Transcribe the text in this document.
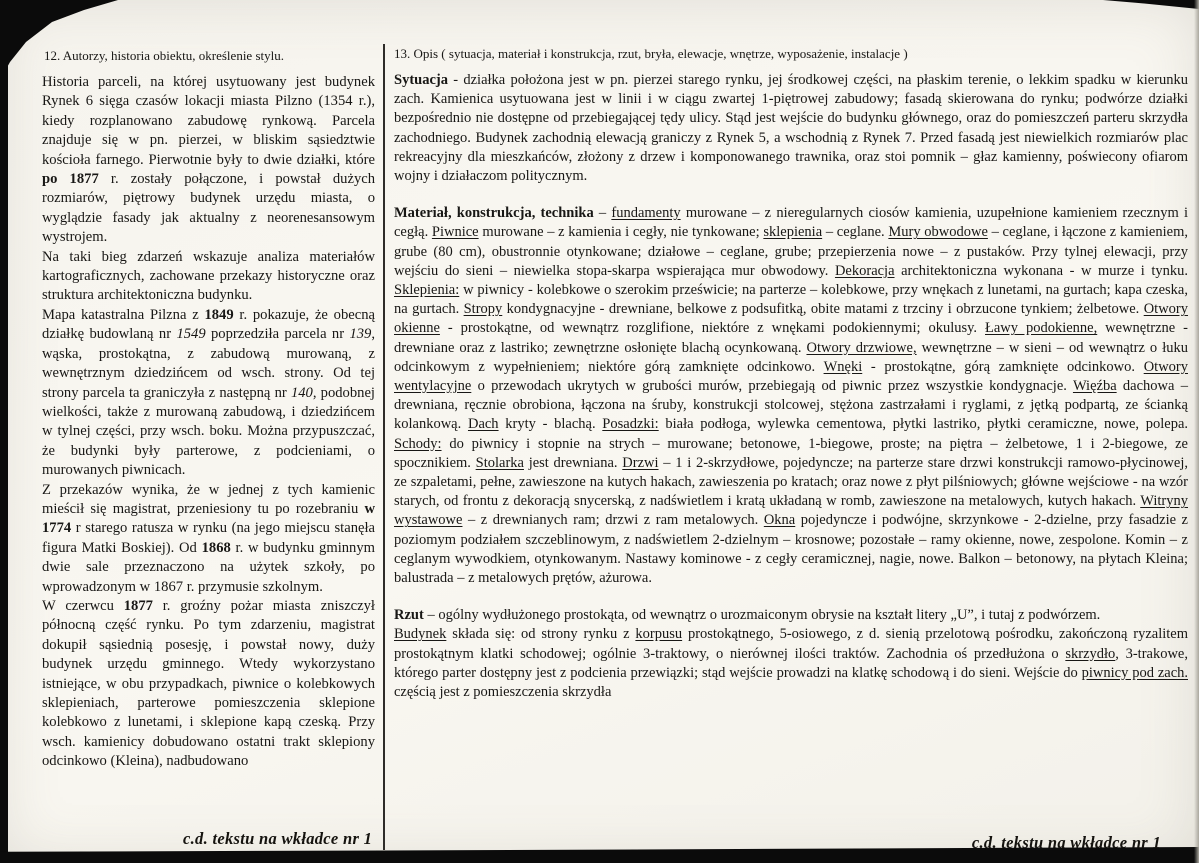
12. Autorzy, historia obiektu, określenie stylu.

Historia parceli, na której usytuowany jest budynek Rynek 6 sięga czasów lokacji miasta Pilzno (1354 r.), kiedy rozplanowano zabudowę rynkową. Parcela znajduje się w pn. pierzei, w bliskim sąsiedztwie kościoła farnego. Pierwotnie były to dwie działki, które po 1877 r. zostały połączone, i powstał dużych rozmiarów, piętrowy budynek urzędu miasta, o wyglądzie fasady jak aktualny z neorenesansowym wystrojem.

Na taki bieg zdarzeń wskazuje analiza materiałów kartograficznych, zachowane przekazy historyczne oraz struktura architektoniczna budynku.

Mapa katastralna Pilzna z 1849 r. pokazuje, że obecną działkę budowlaną nr 1549 poprzedziła parcela nr 139, wąska, prostokątna, z zabudową murowaną, z wewnętrznym dziedzińcem od wsch. strony. Od tej strony parcela ta graniczyła z następną nr 140, podobnej wielkości, także z murowaną zabudową, i dziedzińcem w tylnej części, przy wsch. boku. Można przypuszczać, że budynki były parterowe, z podcieniami, o murowanych piwnicach.

Z przekazów wynika, że w jednej z tych kamienic mieścił się magistrat, przeniesiony tu po rozebraniu w 1774 r starego ratusza w rynku (na jego miejscu stanęła figura Matki Boskiej). Od 1868 r. w budynku gminnym dwie sale przeznaczono na użytek szkoły, po wprowadzonym w 1867 r. przymusie szkolnym.

W czerwcu 1877 r. groźny pożar miasta zniszczył północną część rynku. Po tym zdarzeniu, magistrat dokupił sąsiednią posesję, i powstał nowy, duży budynek urzędu gminnego. Wtedy wykorzystano istniejące, w obu przypadkach, piwnice o kolebkowych sklepieniach, parterowe pomieszczenia sklepione kolebkowo z lunetami, i sklepione kapą czeską. Przy wsch. kamienicy dobudowano ostatni trakt sklepiony odcinkowo (Kleina), nadbudowano

13. Opis ( sytuacja, materiał i konstrukcja, rzut, bryła, elewacje, wnętrze, wyposażenie, instalacje )

Sytuacja - działka położona jest w pn. pierzei starego rynku, jej środkowej części, na płaskim terenie, o lekkim spadku w kierunku zach. Kamienica usytuowana jest w linii i w ciągu zwartej 1-piętrowej zabudowy; fasadą skierowana do rynku; podwórze działki bezpośrednio nie dostępne od przebiegającej tędy ulicy. Stąd jest wejście do budynku głównego, oraz do pomieszczeń parteru skrzydła zachodniego. Budynek zachodnią elewacją graniczy z Rynek 5, a wschodnią z Rynek 7. Przed fasadą jest niewielkich rozmiarów plac rekreacyjny dla mieszkańców, złożony z drzew i komponowanego trawnika, oraz stoi pomnik – głaz kamienny, poświecony ofiarom wojny i działaczom politycznym.

Materiał, konstrukcja, technika – fundamenty murowane – z nieregularnych ciosów kamienia, uzupełnione kamieniem rzecznym i cegłą. Piwnice murowane – z kamienia i cegły, nie tynkowane; sklepienia – ceglane. Mury obwodowe – ceglane, i łączone z kamieniem, grube (80 cm), obustronnie otynkowane; działowe – ceglane, grube; przepierzenia nowe – z pustaków. Przy tylnej elewacji, przy wejściu do sieni – niewielka stopa-skarpa wspierająca mur obwodowy. Dekoracja architektoniczna wykonana - w murze i tynku. Sklepienia: w piwnicy - kolebkowe o szerokim prześwicie; na parterze – kolebkowe, przy wnękach z lunetami, na gurtach; kapa czeska, na gurtach. Stropy kondygnacyjne - drewniane, belkowe z podsufitką, obite matami z trzciny i obrzucone tynkiem; żelbetowe. Otwory okienne - prostokątne, od wewnątrz rozglifione, niektóre z wnękami podokiennymi; okulusy. Ławy podokienne, wewnętrzne - drewniane oraz z lastriko; zewnętrzne osłonięte blachą ocynkowaną. Otwory drzwiowe, wewnętrzne – w sieni – od wewnątrz o łuku odcinkowym z wypełnieniem; niektóre górą zamknięte odcinkowo. Wnęki - prostokątne, górą zamknięte odcinkowo. Otwory wentylacyjne o przewodach ukrytych w grubości murów, przebiegają od piwnic przez wszystkie kondygnacje. Więźba dachowa – drewniana, ręcznie obrobiona, łączona na śruby, konstrukcji stolcowej, stężona zastrzałami i ryglami, z jętką podpartą, ze ścianką kolankową. Dach kryty - blachą. Posadzki: biała podłoga, wylewka cementowa, płytki lastriko, płytki ceramiczne, nowe, polepa. Schody: do piwnicy i stopnie na strych – murowane; betonowe, 1-biegowe, proste; na piętra – żelbetowe, 1 i 2-biegowe, ze spocznikiem. Stolarka jest drewniana. Drzwi – 1 i 2-skrzydłowe, pojedyncze; na parterze stare drzwi konstrukcji ramowo-płycinowej, ze szpaletami, pełne, zawieszone na kutych hakach, zawieszenia po kratach; oraz nowe z płyt pilśniowych; główne wejściowe - na wzór starych, od frontu z dekoracją snycerską, z nadświetlem i kratą układaną w romb, zawieszone na metalowych, kutych hakach. Witryny wystawowe – z drewnianych ram; drzwi z ram metalowych. Okna pojedyncze i podwójne, skrzynkowe - 2-dzielne, przy fasadzie z poziomym podziałem szczeblinowym, z nadświetlem 2-dzielnym – krosnowe; pozostałe – ramy okienne, nowe, zespolone. Komin – z ceglanym wywodkiem, otynkowanym. Nastawy kominowe - z cegły ceramicznej, nagie, nowe. Balkon – betonowy, na płytach Kleina; balustrada – z metalowych prętów, ażurowa.

Rzut – ogólny wydłużonego prostokąta, od wewnątrz o urozmaiconym obrysie na kształt litery „U”, i tutaj z podwórzem.

Budynek składa się: od strony rynku z korpusu prostokątnego, 5-osiowego, z d. sienią przelotową pośrodku, zakończoną ryzalitem prostokątnym klatki schodowej; ogólnie 3-traktowy, o nierównej ilości traktów. Zachodnia oś przedłużona o skrzydło, 3-trakowe, którego parter dostępny jest z podcienia przewiązki; stąd wejście prowadzi na klatkę schodową i do sieni. Wejście do piwnicy pod zach. częścią jest z pomieszczenia skrzydła

c.d. tekstu na wkładce nr 1	c.d. tekstu na wkładce nr 1
